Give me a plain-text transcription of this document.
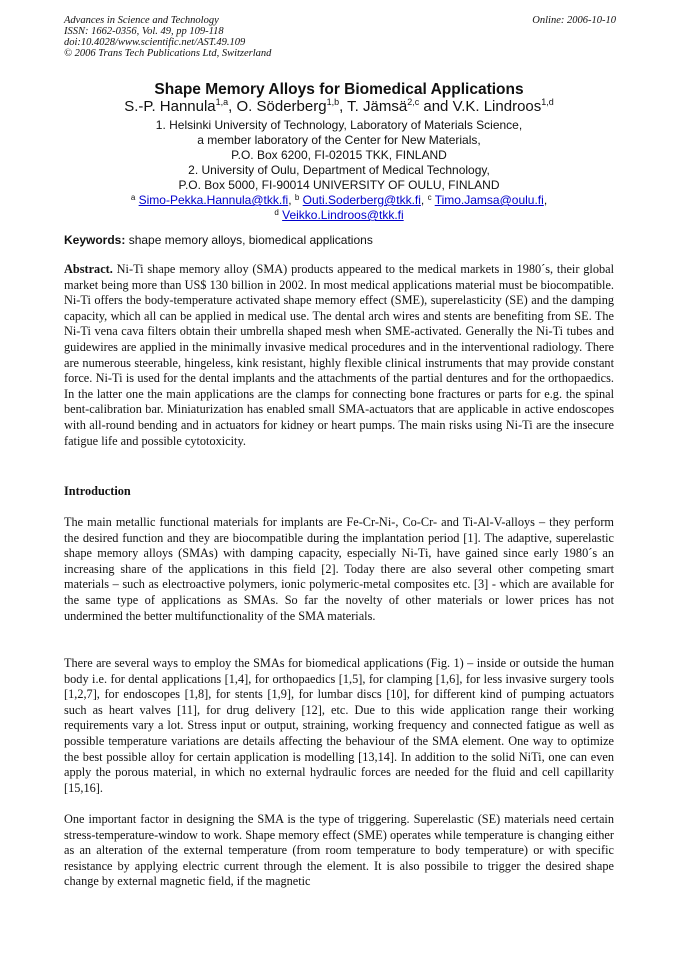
Advances in Science and Technology
ISSN: 1662-0356, Vol. 49, pp 109-118
doi:10.4028/www.scientific.net/AST.49.109
© 2006 Trans Tech Publications Ltd, Switzerland
Online: 2006-10-10
Shape Memory Alloys for Biomedical Applications
S.-P. Hannula$^{1,a}$, O. Söderberg$^{1,b}$, T. Jämsä$^{2,c}$ and V.K. Lindroos$^{1,d}$
1. Helsinki University of Technology, Laboratory of Materials Science,
a member laboratory of the Center for New Materials,
P.O. Box 6200, FI-02015 TKK, FINLAND
2. University of Oulu, Department of Medical Technology,
P.O. Box 5000, FI-90014 UNIVERSITY OF OULU, FINLAND
$^a$ Simo-Pekka.Hannula@tkk.fi, $^b$ Outi.Soderberg@tkk.fi, $^c$ Timo.Jamsa@oulu.fi,
$^d$ Veikko.Lindroos@tkk.fi
Keywords: shape memory alloys, biomedical applications
Abstract. Ni-Ti shape memory alloy (SMA) products appeared to the medical markets in 1980´s, their global market being more than US$ 130 billion in 2002. In most medical applications material must be biocompatible. Ni-Ti offers the body-temperature activated shape memory effect (SME), superelasticity (SE) and the damping capacity, which all can be applied in medical use. The dental arch wires and stents are benefiting from SE. The Ni-Ti vena cava filters obtain their umbrella shaped mesh when SME-activated. Generally the Ni-Ti tubes and guidewires are applied in the minimally invasive medical procedures and in the interventional radiology. There are numerous steerable, hingeless, kink resistant, highly flexible clinical instruments that may provide constant force. Ni-Ti is used for the dental implants and the attachments of the partial dentures and for the orthopaedics. In the latter one the main applications are the clamps for connecting bone fractures or parts for e.g. the spinal bent-calibration bar. Miniaturization has enabled small SMA-actuators that are applicable in active endoscopes with all-round bending and in actuators for kidney or heart pumps. The main risks using Ni-Ti are the insecure fatigue life and possible cytotoxicity.
Introduction
The main metallic functional materials for implants are Fe-Cr-Ni-, Co-Cr- and Ti-Al-V-alloys – they perform the desired function and they are biocompatible during the implantation period [1]. The adaptive, superelastic shape memory alloys (SMAs) with damping capacity, especially Ni-Ti, have gained since early 1980´s an increasing share of the applications in this field [2]. Today there are also several other competing smart materials – such as electroactive polymers, ionic polymeric-metal composites etc. [3] - which are available for the same type of applications as SMAs. So far the novelty of other materials or lower prices has not undermined the better multifunctionality of the SMA materials.
There are several ways to employ the SMAs for biomedical applications (Fig. 1) – inside or outside the human body i.e. for dental applications [1,4], for orthopaedics [1,5], for clamping [1,6], for less invasive surgery tools [1,2,7], for endoscopes [1,8], for stents [1,9], for lumbar discs [10], for different kind of pumping actuators such as heart valves [11], for drug delivery [12], etc. Due to this wide application range their working requirements vary a lot. Stress input or output, straining, working frequency and connected fatigue as well as possible temperature variations are details affecting the behaviour of the SMA element. One way to optimize the best possible alloy for certain application is modelling [13,14]. In addition to the solid NiTi, one can even apply the porous material, in which no external hydraulic forces are needed for the fluid and cell capillarity [15,16].
One important factor in designing the SMA is the type of triggering. Superelastic (SE) materials need certain stress-temperature-window to work. Shape memory effect (SME) operates while temperature is changing either as an alteration of the external temperature (from room temperature to body temperature) or with specific resistance by applying electric current through the element. It is also possibile to trigger the desired shape change by external magnetic field, if the magnetic
